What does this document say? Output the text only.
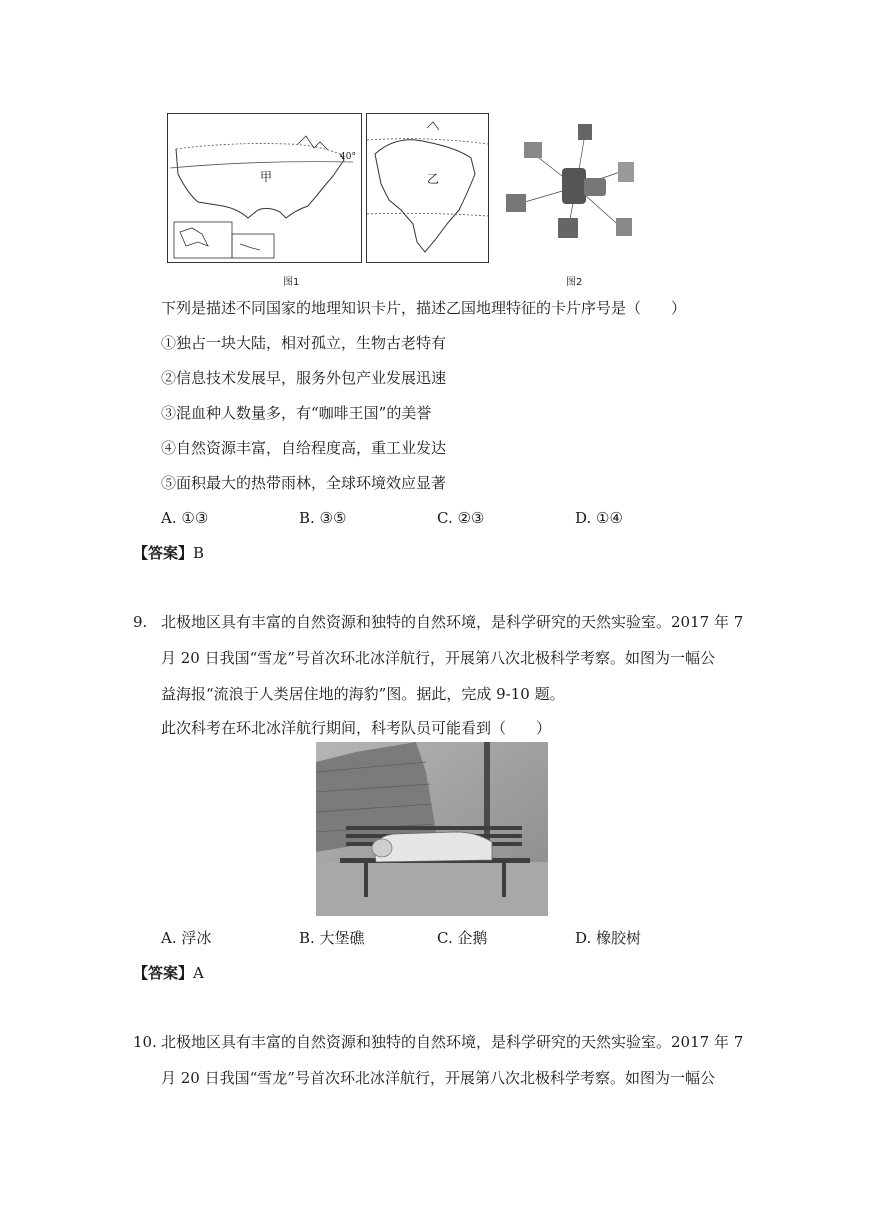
甲
40°
乙
图1	图2
下列是描述不同国家的地理知识卡片，描述乙国地理特征的卡片序号是（　　）
①独占一块大陆，相对孤立，生物古老特有
②信息技术发展早，服务外包产业发展迅速
③混血种人数量多，有“咖啡王国”的美誉
④自然资源丰富，自给程度高，重工业发达
⑤面积最大的热带雨林，全球环境效应显著
A. ①③	B. ③⑤	C. ②③	D. ①④
【答案】B
9. 北极地区具有丰富的自然资源和独特的自然环境，是科学研究的天然实验室。2017 年 7
月 20 日我国“雪龙”号首次环北冰洋航行，开展第八次北极科学考察。如图为一幅公
益海报“流浪于人类居住地的海豹”图。据此，完成 9-10 题。
此次科考在环北冰洋航行期间，科考队员可能看到（　　）
A. 浮冰	B. 大堡礁	C. 企鹅	D. 橡胶树
【答案】A
10. 北极地区具有丰富的自然资源和独特的自然环境，是科学研究的天然实验室。2017 年 7
月 20 日我国“雪龙”号首次环北冰洋航行，开展第八次北极科学考察。如图为一幅公
